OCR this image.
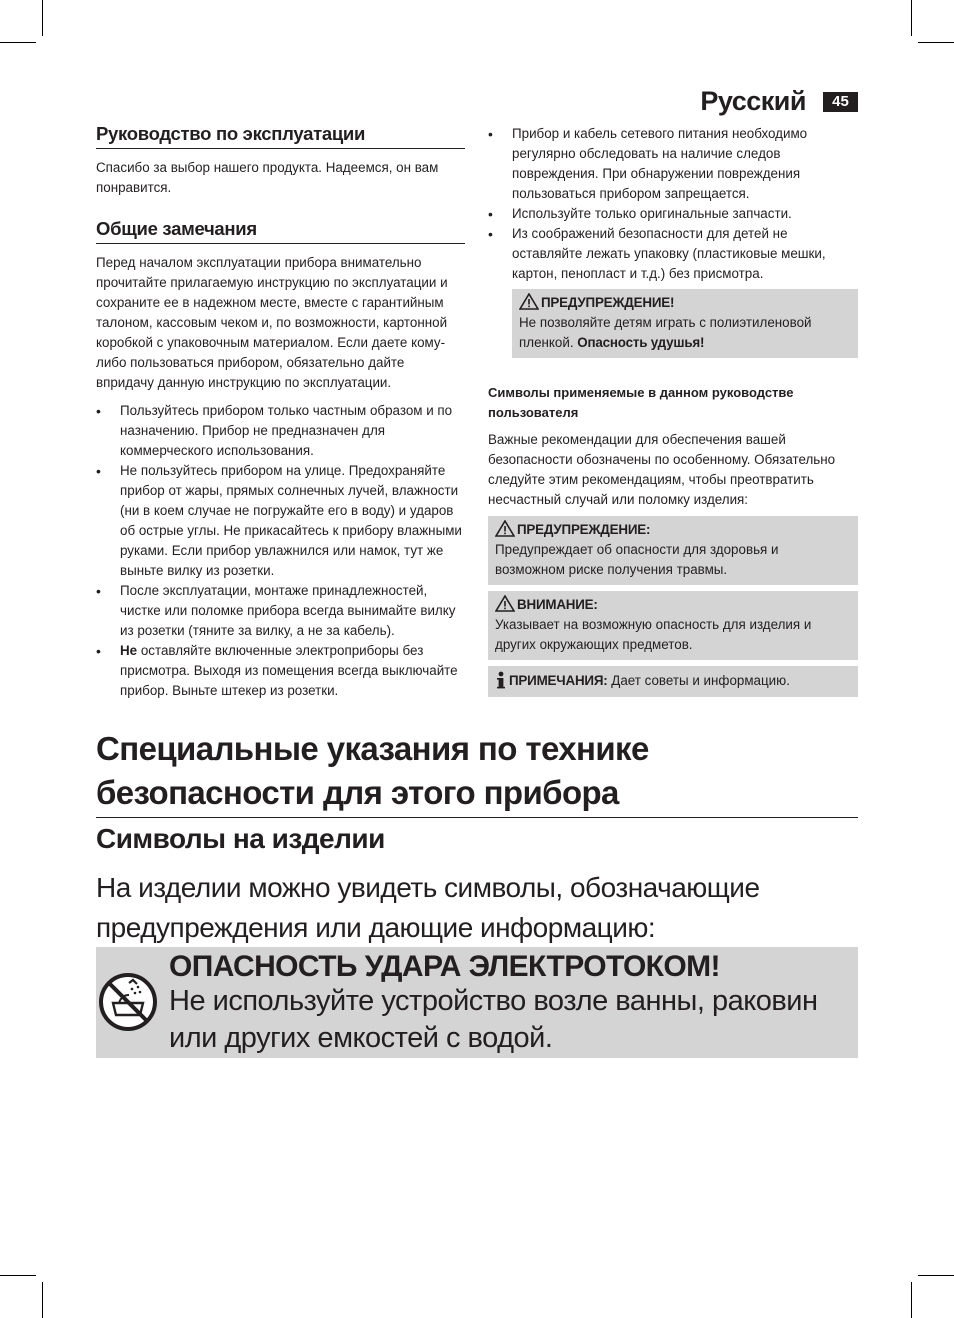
Русский	45
Руководство по эксплуатации

Спасибо за выбор нашего продукта. Надеемся, он вам понравится.

Общие замечания

Перед началом эксплуатации прибора внимательно прочитайте прилагаемую инструкцию по эксплуатации и сохраните ее в надежном месте, вместе с гарантийным талоном, кассовым чеком и, по возможности, картонной коробкой с упаковочным материалом. Если даете кому-либо пользоваться прибором, обязательно дайте впридачу данную инструкцию по эксплуатации.

• Пользуйтесь прибором только частным образом и по назначению. Прибор не предназначен для коммерческого использования.
• Не пользуйтесь прибором на улице. Предохраняйте прибор от жары, прямых солнечных лучей, влажности (ни в коем случае не погружайте его в воду) и ударов об острые углы. Не прикасайтесь к прибору влажными руками. Если прибор увлажнился или намок, тут же выньте вилку из розетки.
• После эксплуатации, монтаже принадлежностей, чистке или поломке прибора всегда вынимайте вилку из розетки (тяните за вилку, а не за кабель).
• Не оставляйте включенные электроприборы без присмотра. Выходя из помещения всегда выключайте прибор. Выньте штекер из розетки.
• Прибор и кабель сетевого питания необходимо регулярно обследовать на наличие следов повреждения. При обнаружении повреждения пользоваться прибором запрещается.
• Используйте только оригинальные запчасти.
• Из соображений безопасности для детей не оставляйте лежать упаковку (пластиковые мешки, картон, пенопласт и т.д.) без присмотра.
ПРЕДУПРЕЖДЕНИЕ!
Не позволяйте детям играть с полиэтиленовой пленкой. Опасность удушья!

Символы применяемые в данном руководстве пользователя

Важные рекомендации для обеспечения вашей безопасности обозначены по особенному. Обязательно следуйте этим рекомендациям, чтобы преотвратить несчастный случай или поломку изделия:

ПРЕДУПРЕЖДЕНИЕ:
Предупреждает об опасности для здоровья и возможном риске получения травмы.
ВНИМАНИЕ:
Указывает на возможную опасность для изделия и других окружающих предметов.
ПРИМЕЧАНИЯ: Дает советы и информацию.
Специальные указания по технике безопасности для этого прибора
Символы на изделии
На изделии можно увидеть символы, обозначающие предупреждения или дающие информацию:
ОПАСНОСТЬ УДАРА ЭЛЕКТРОТОКОМ!
Не используйте устройство возле ванны, раковин или других емкостей с водой.
